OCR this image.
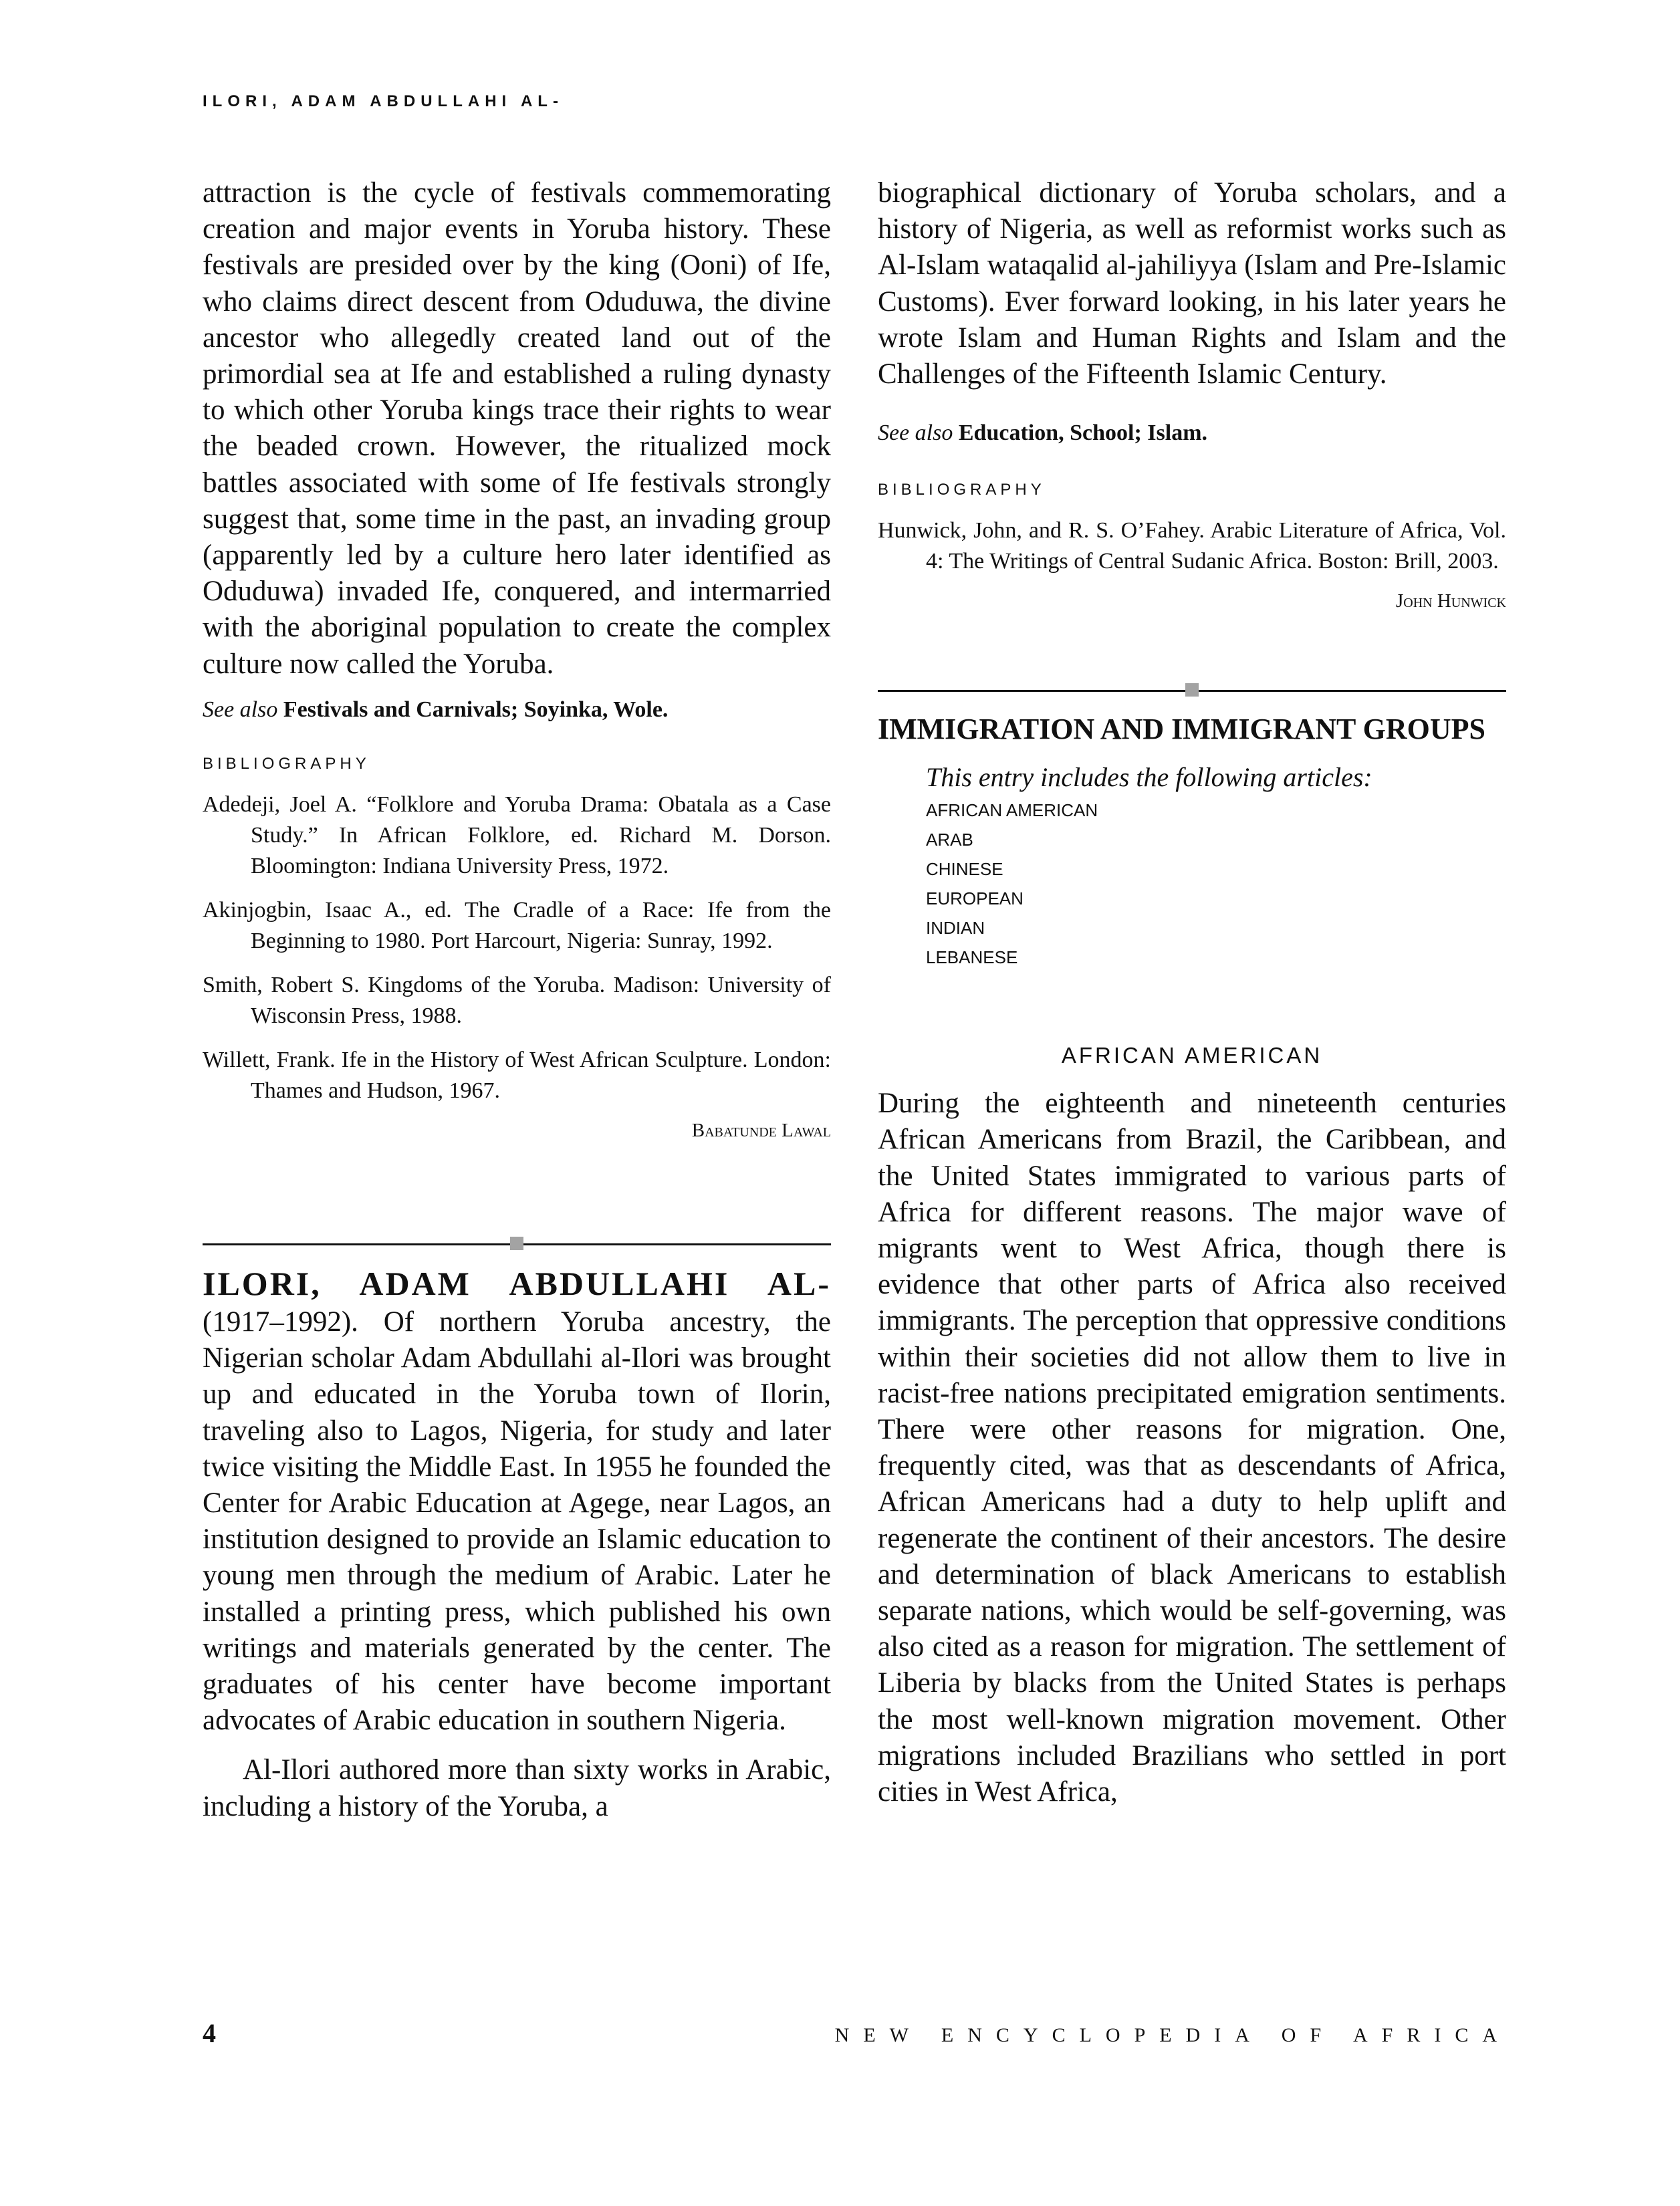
ILORI, ADAM ABDULLAHI AL-

attraction is the cycle of festivals commemorating creation and major events in Yoruba history. These festivals are presided over by the king (Ooni) of Ife, who claims direct descent from Oduduwa, the divine ancestor who allegedly created land out of the primordial sea at Ife and established a ruling dynasty to which other Yoruba kings trace their rights to wear the beaded crown. However, the ritualized mock battles associated with some of Ife festivals strongly suggest that, some time in the past, an invading group (apparently led by a culture hero later identified as Oduduwa) invaded Ife, conquered, and intermarried with the aboriginal population to create the complex culture now called the Yoruba.

See also Festivals and Carnivals; Soyinka, Wole.

BIBLIOGRAPHY

Adedeji, Joel A. “Folklore and Yoruba Drama: Obatala as a Case Study.” In African Folklore, ed. Richard M. Dorson. Bloomington: Indiana University Press, 1972.

Akinjogbin, Isaac A., ed. The Cradle of a Race: Ife from the Beginning to 1980. Port Harcourt, Nigeria: Sunray, 1992.

Smith, Robert S. Kingdoms of the Yoruba. Madison: University of Wisconsin Press, 1988.

Willett, Frank. Ife in the History of West African Sculpture. London: Thames and Hudson, 1967.

Babatunde Lawal

ILORI, ADAM ABDULLAHI AL- (1917–1992). Of northern Yoruba ancestry, the Nigerian scholar Adam Abdullahi al-Ilori was brought up and educated in the Yoruba town of Ilorin, traveling also to Lagos, Nigeria, for study and later twice visiting the Middle East. In 1955 he founded the Center for Arabic Education at Agege, near Lagos, an institution designed to provide an Islamic education to young men through the medium of Arabic. Later he installed a printing press, which published his own writings and materials generated by the center. The graduates of his center have become important advocates of Arabic education in southern Nigeria.

Al-Ilori authored more than sixty works in Arabic, including a history of the Yoruba, a

biographical dictionary of Yoruba scholars, and a history of Nigeria, as well as reformist works such as Al-Islam wataqalid al-jahiliyya (Islam and Pre-Islamic Customs). Ever forward looking, in his later years he wrote Islam and Human Rights and Islam and the Challenges of the Fifteenth Islamic Century.

See also Education, School; Islam.

BIBLIOGRAPHY

Hunwick, John, and R. S. O’Fahey. Arabic Literature of Africa, Vol. 4: The Writings of Central Sudanic Africa. Boston: Brill, 2003.

John Hunwick

IMMIGRATION AND IMMIGRANT GROUPS

This entry includes the following articles:

AFRICAN AMERICAN
ARAB
CHINESE
EUROPEAN
INDIAN
LEBANESE

AFRICAN AMERICAN

During the eighteenth and nineteenth centuries African Americans from Brazil, the Caribbean, and the United States immigrated to various parts of Africa for different reasons. The major wave of migrants went to West Africa, though there is evidence that other parts of Africa also received immigrants. The perception that oppressive conditions within their societies did not allow them to live in racist-free nations precipitated emigration sentiments. There were other reasons for migration. One, frequently cited, was that as descendants of Africa, African Americans had a duty to help uplift and regenerate the continent of their ancestors. The desire and determination of black Americans to establish separate nations, which would be self-governing, was also cited as a reason for migration. The settlement of Liberia by blacks from the United States is perhaps the most well-known migration movement. Other migrations included Brazilians who settled in port cities in West Africa,

4	NEW ENCYCLOPEDIA OF AFRICA
